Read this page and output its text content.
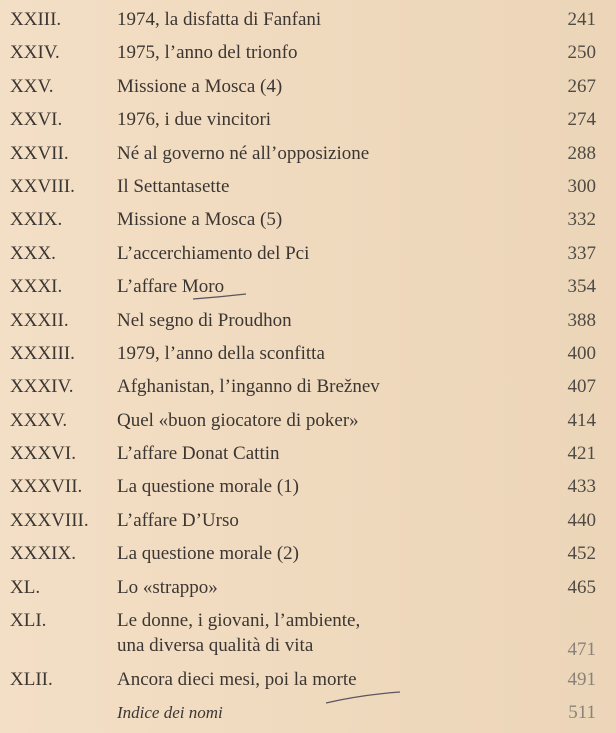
XXIII.	1974, la disfatta di Fanfani	241
XXIV.	1975, l’anno del trionfo	250
XXV.	Missione a Mosca (4)	267
XXVI.	1976, i due vincitori	274
XXVII.	Né al governo né all’opposizione	288
XXVIII. Il Settantasette	300
XXIX.	Missione a Mosca (5)	332
XXX.	L’accerchiamento del Pci	337
XXXI.	L’affare Moro	354
XXXII.	Nel segno di Proudhon	388
XXXIII. 1979, l’anno della sconfitta	400
XXXIV. Afghanistan, l’inganno di Brežnev	407
XXXV.	Quel «buon giocatore di poker»	414
XXXVI. L’affare Donat Cattin	421
XXXVII. La questione morale (1)	433
XXXVIII. L’affare D’Urso	440
XXXIX. La questione morale (2)	452
XL.	Lo «strappo»	465
XLI.	Le donne, i giovani, l’ambiente,
una diversa qualità di vita	471
XLII.	Ancora dieci mesi, poi la morte	491
Indice dei nomi	511
